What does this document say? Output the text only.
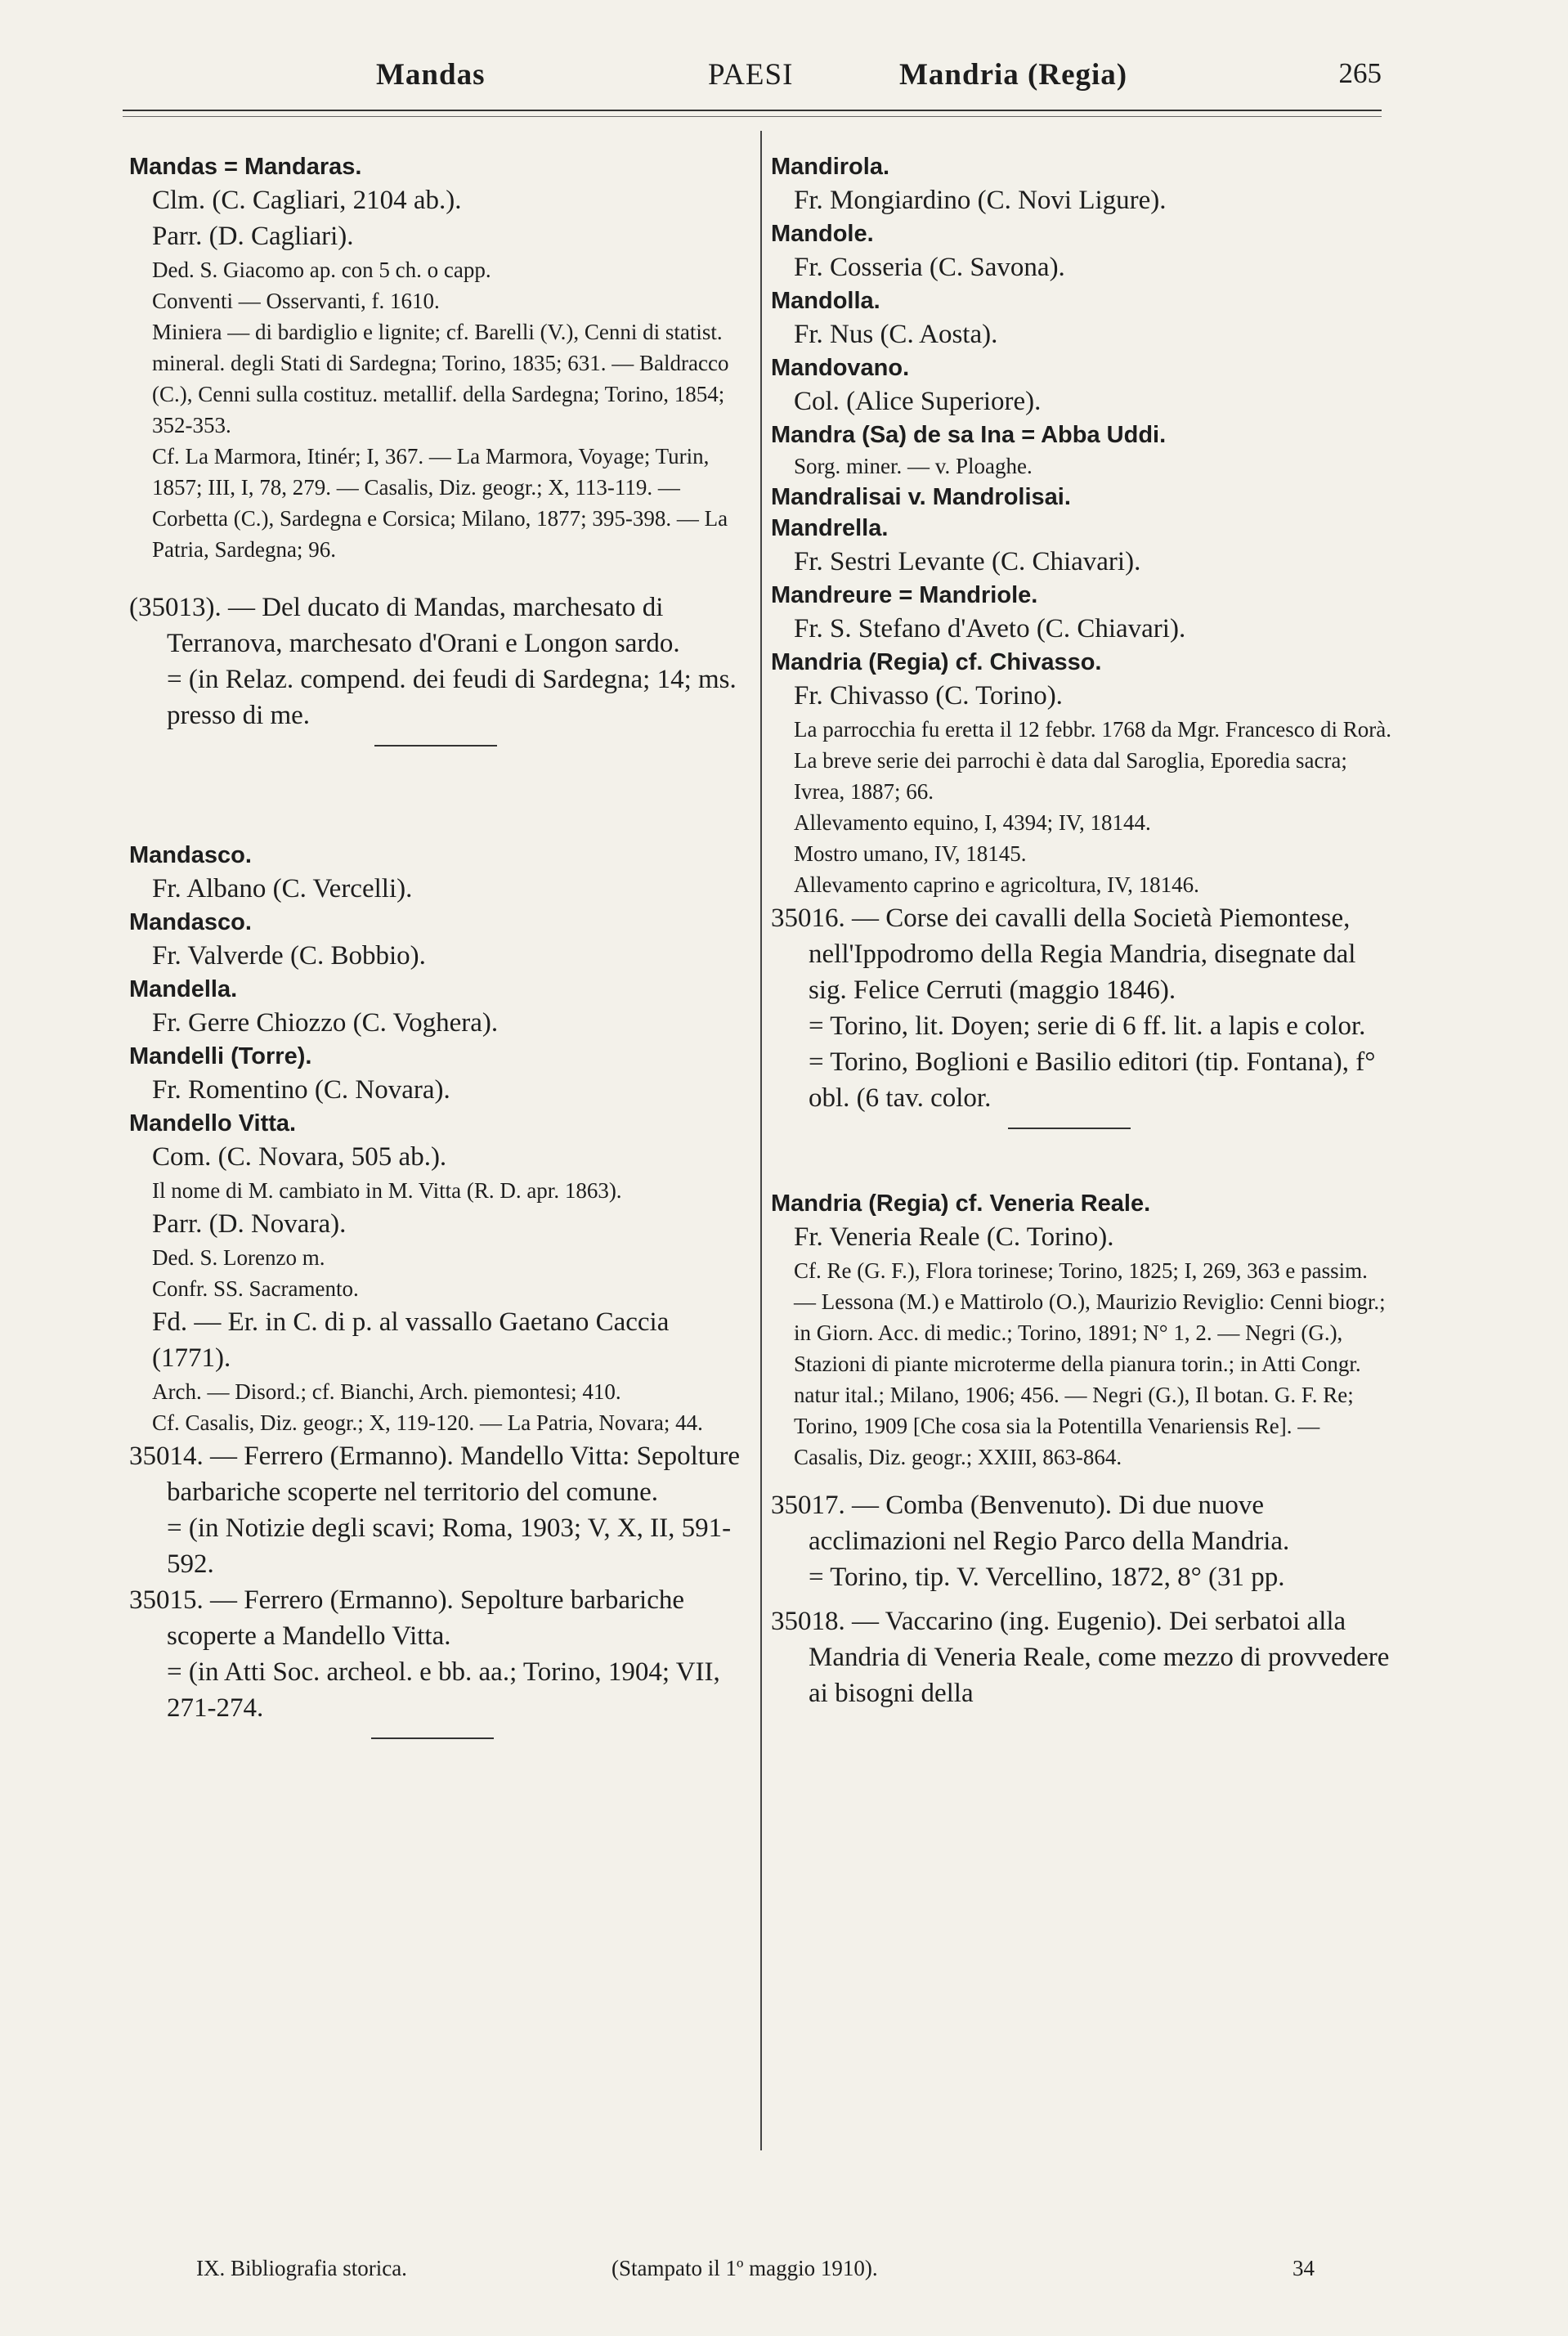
Mandas	PAESI	Mandria (Regia)	265

Mandas = Mandaras.

Clm. (C. Cagliari, 2104 ab.).

Parr. (D. Cagliari).

Ded. S. Giacomo ap. con 5 ch. o capp.

Conventi — Osservanti, f. 1610.

Miniera — di bardiglio e lignite; cf. Barelli (V.), Cenni di statist. mineral. degli Stati di Sardegna; Torino, 1835; 631. — Baldracco (C.), Cenni sulla costituz. metallif. della Sardegna; Torino, 1854; 352-353.

Cf. La Marmora, Itinér; I, 367. — La Marmora, Voyage; Turin, 1857; III, I, 78, 279. — Casalis, Diz. geogr.; X, 113-119. — Corbetta (C.), Sardegna e Corsica; Milano, 1877; 395-398. — La Patria, Sardegna; 96.

(35013). — Del ducato di Mandas, marchesato di Terranova, marchesato d'Orani e Longon sardo.

= (in Relaz. compend. dei feudi di Sardegna; 14; ms. presso di me.

Mandasco.

Fr. Albano (C. Vercelli).

Mandasco.

Fr. Valverde (C. Bobbio).

Mandella.

Fr. Gerre Chiozzo (C. Voghera).

Mandelli (Torre).

Fr. Romentino (C. Novara).

Mandello Vitta.

Com. (C. Novara, 505 ab.).

Il nome di M. cambiato in M. Vitta (R. D. apr. 1863).

Parr. (D. Novara).

Ded. S. Lorenzo m.

Confr. SS. Sacramento.

Fd. — Er. in C. di p. al vassallo Gaetano Caccia (1771).

Arch. — Disord.; cf. Bianchi, Arch. piemontesi; 410.

Cf. Casalis, Diz. geogr.; X, 119-120. — La Patria, Novara; 44.

35014. — Ferrero (Ermanno). Mandello Vitta: Sepolture barbariche scoperte nel territorio del comune.

= (in Notizie degli scavi; Roma, 1903; V, X, II, 591-592.

35015. — Ferrero (Ermanno). Sepolture barbariche scoperte a Mandello Vitta.

= (in Atti Soc. archeol. e bb. aa.; Torino, 1904; VII, 271-274.

Mandirola.

Fr. Mongiardino (C. Novi Ligure).

Mandole.

Fr. Cosseria (C. Savona).

Mandolla.

Fr. Nus (C. Aosta).

Mandovano.

Col. (Alice Superiore).

Mandra (Sa) de sa Ina = Abba Uddi.

Sorg. miner. — v. Ploaghe.

Mandralisai v. Mandrolisai.

Mandrella.

Fr. Sestri Levante (C. Chiavari).

Mandreure = Mandriole.

Fr. S. Stefano d'Aveto (C. Chiavari).

Mandria (Regia) cf. Chivasso.

Fr. Chivasso (C. Torino).

La parrocchia fu eretta il 12 febbr. 1768 da Mgr. Francesco di Rorà. La breve serie dei parrochi è data dal Saroglia, Eporedia sacra; Ivrea, 1887; 66.

Allevamento equino, I, 4394; IV, 18144.

Mostro umano, IV, 18145.

Allevamento caprino e agricoltura, IV, 18146.

35016. — Corse dei cavalli della Società Piemontese, nell'Ippodromo della Regia Mandria, disegnate dal sig. Felice Cerruti (maggio 1846).

= Torino, lit. Doyen; serie di 6 ff. lit. a lapis e color.

= Torino, Boglioni e Basilio editori (tip. Fontana), f° obl. (6 tav. color.

Mandria (Regia) cf. Veneria Reale.

Fr. Veneria Reale (C. Torino).

Cf. Re (G. F.), Flora torinese; Torino, 1825; I, 269, 363 e passim. — Lessona (M.) e Mattirolo (O.), Maurizio Reviglio: Cenni biogr.; in Giorn. Acc. di medic.; Torino, 1891; N° 1, 2. — Negri (G.), Stazioni di piante microterme della pianura torin.; in Atti Congr. natur ital.; Milano, 1906; 456. — Negri (G.), Il botan. G. F. Re; Torino, 1909 [Che cosa sia la Potentilla Venariensis Re]. — Casalis, Diz. geogr.; XXIII, 863-864.

35017. — Comba (Benvenuto). Di due nuove acclimazioni nel Regio Parco della Mandria.

= Torino, tip. V. Vercellino, 1872, 8° (31 pp.

35018. — Vaccarino (ing. Eugenio). Dei serbatoi alla Mandria di Veneria Reale, come mezzo di provvedere ai bisogni della

IX. Bibliografia storica.	(Stampato il 1º maggio 1910).	34
